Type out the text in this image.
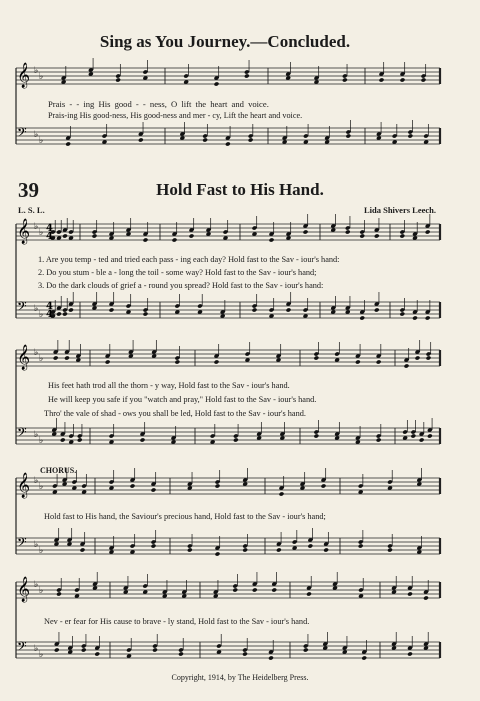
Sing as You Journey.—Concluded.
39	Hold Fast to His Hand.
L. S. L.	Lida Shivers Leech.
CHORUS.
Prais - - ing His good - - ness, O lift the heart and voice.
Prais-ing His good-ness, His good-ness and mer - cy, Lift the heart and voice.
1. Are you temp - ted and tried each pass - ing each day? Hold fast to the Sav - iour's hand:
2. Do you stum - ble a - long the toil - some way? Hold fast to the Sav - iour's hand;
3. Do the dark clouds of grief a - round you spread? Hold fast to the Sav - iour's hand:
His feet hath trod all the thorn - y way, Hold fast to the Sav - iour's hand.
He will keep you safe if you "watch and pray," Hold fast to the Sav - iour's hand.
Thro' the vale of shad - ows you shall be led, Hold fast to the Sav - iour's hand.
Hold fast to His hand, the Saviour's precious hand, Hold fast to the Sav - iour's hand;
Nev - er fear for His cause to brave - ly stand, Hold fast to the Sav - iour's hand.
Copyright, 1914, by The Heidelberg Press.
𝄞 ♭
♭
𝄢 ♭
♭
𝄞 ♭
♭
𝄢 ♭
♭
𝄞 ♭
♭
𝄢 ♭
♭
𝄞 ♭
♭
𝄢 ♭
♭
𝄞 ♭
♭
𝄢 ♭
♭
4
4
4
4
